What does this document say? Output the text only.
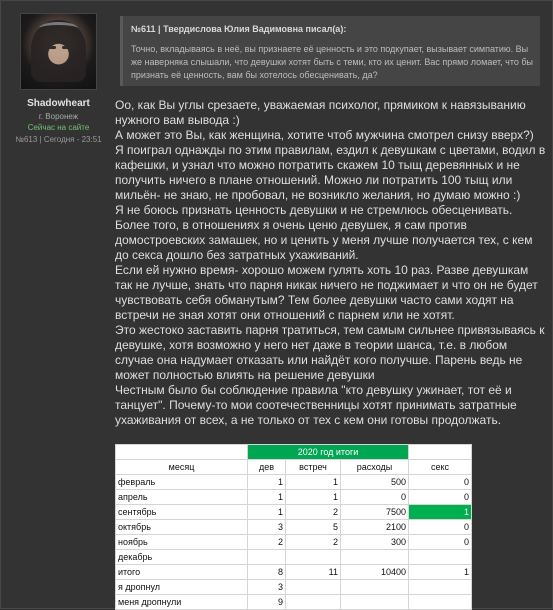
Shadowheart
г. Воронеж
Сейчас на сайте
№613 | Сегодня - 23:51
№611 | Твердислова Юлия Вадимовна писал(а):
Точно, вкладываясь в неё, вы признаете её ценность и это подкупает, вызывает симпатию. Вы же наверняка слышали, что девушки хотят быть с теми, кто их ценит. Вас прямо ломает, что бы признать её ценность, вам бы хотелось обесценивать, да?

Оо, как Вы углы срезаете, уважаемая психолог, прямиком к навязыванию нужного вам вывода :)

А может это Вы, как женщина, хотите чтоб мужчина смотрел снизу вверх?)

Я поиграл однажды по этим правилам, ездил к девушкам с цветами, водил в кафешки, и узнал что можно потратить скажем 10 тыщ деревянных и не получить ничего в плане отношений. Можно ли потратить 100 тыщ или мильён- не знаю, не пробовал, не возникло желания, но думаю можно :)

Я не боюсь признать ценность девушки и не стремлюсь обесценивать.

Более того, в отношениях я очень ценю девушек, я сам против домостроевских замашек, но и ценить у меня лучше получается тех, с кем до секса дошло без затратных ухаживаний.

Если ей нужно время- хорошо можем гулять хоть 10 раз. Разве девушкам так не лучше, знать что парня никак ничего не поджимает и что он не будет чувствовать себя обманутым? Тем более девушки часто сами ходят на встречи не зная хотят они отношений с парнем или не хотят.

Это жестоко заставить парня тратиться, тем самым сильнее привязываясь к девушке, хотя возможно у него нет даже в теории шанса, т.е. в любом случае она надумает отказать или найдёт кого получше. Парень ведь не может полностью влиять на решение девушки

Честным было бы соблюдение правила "кто девушку ужинает, тот её и танцует". Почему-то мои соотечественницы хотят принимать затратные ухаживания от всех, а не только от тех с кем они готовы продолжать.

	2020 год итоги			
месяц	дев	встреч	расходы	секс
февраль	1	1	500	0
апрель	1	1	0	0
сентябрь	1	2	7500	1
октябрь	3	5	2100	0
ноябрь	2	2	300	0
декабрь				
итого	8	11	10400	1
я дропнул	3			
меня дропнули	9			
